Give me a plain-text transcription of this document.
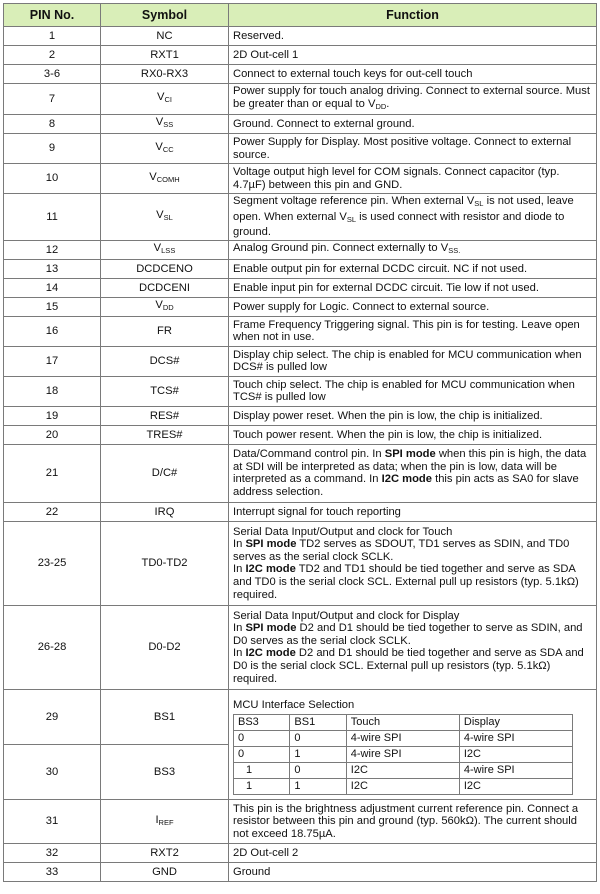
PIN No.	Symbol	Function
1	NC	Reserved.
2	RXT1	2D Out-cell 1
3-6	RX0-RX3	Connect to external touch keys for out-cell touch
7	$V_{CI}$	Power supply for touch analog driving. Connect to external source. Must be greater than or equal to $V_{DD}$.
8	$V_{SS}$	Ground. Connect to external ground.
9	$V_{CC}$	Power Supply for Display. Most positive voltage. Connect to external source.
10	$V_{COMH}$	Voltage output high level for COM signals. Connect capacitor (typ. 4.7µF) between this pin and GND.
11	$V_{SL}$	Segment voltage reference pin. When external $V_{SL}$ is not used, leave open. When external $V_{SL}$ is used connect with resistor and diode to ground.
12	$V_{LSS}$	Analog Ground pin. Connect externally to $V_{SS.}$
13	DCDCENO	Enable output pin for external DCDC circuit. NC if not used.
14	DCDCENI	Enable input pin for external DCDC circuit. Tie low if not used.
15	$V_{DD}$	Power supply for Logic. Connect to external source.
16	FR	Frame Frequency Triggering signal. This pin is for testing. Leave open when not in use.
17	DCS#	Display chip select. The chip is enabled for MCU communication when DCS# is pulled low
18	TCS#	Touch chip select. The chip is enabled for MCU communication when TCS# is pulled low
19	RES#	Display power reset. When the pin is low, the chip is initialized.
20	TRES#	Touch power resent. When the pin is low, the chip is initialized.
21	D/C#	Data/Command control pin. In SPI mode when this pin is high, the data at SDI will be interpreted as data; when the pin is low, data will be interpreted as a command. In I2C mode this pin acts as SA0 for slave address selection.
22	IRQ	Interrupt signal for touch reporting
23-25	TD0-TD2	
Serial Data Input/Output and clock for Touch
In SPI mode TD2 serves as SDOUT, TD1 serves as SDIN, and TD0 serves as the serial clock SCLK.
In I2C mode TD2 and TD1 should be tied together and serve as SDA and TD0 is the serial clock SCL. External pull up resistors (typ. 5.1kΩ) required.

26-28	D0-D2	
Serial Data Input/Output and clock for Display
In SPI mode D2 and D1 should be tied together to serve as SDIN, and D0 serves as the serial clock SCLK.
In I2C mode D2 and D1 should be tied together and serve as SDA and D0 is the serial clock SCL. External pull up resistors (typ. 5.1kΩ) required.

29	BS1	
MCU Interface Selection
BS3	BS1	Touch	Display
0	0	4-wire SPI	4-wire SPI
0	1	4-wire SPI	I2C
1	0	I2C	4-wire SPI
1	1	I2C	I2C

30	BS3
31	$I_{REF}$	This pin is the brightness adjustment current reference pin. Connect a resistor between this pin and ground (typ. 560kΩ). The current should not exceed 18.75µA.
32	RXT2	2D Out-cell 2
33	GND	Ground
